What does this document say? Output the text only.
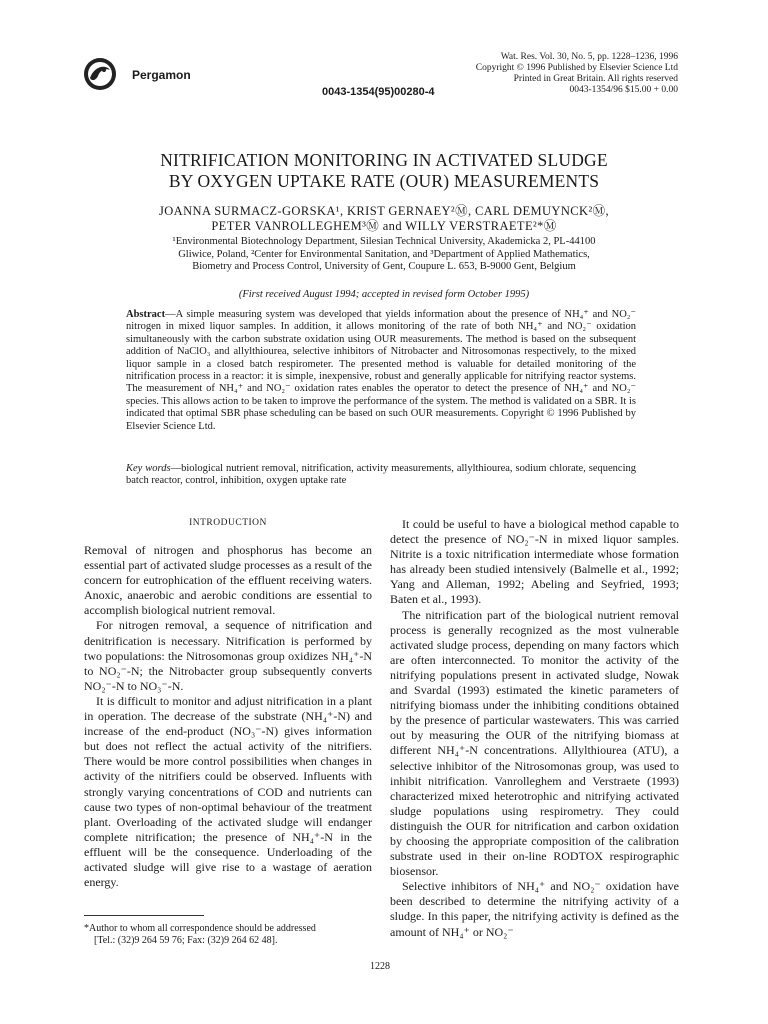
Pergamon
0043-1354(95)00280-4
Wat. Res. Vol. 30, No. 5, pp. 1228–1236, 1996
Copyright © 1996 Published by Elsevier Science Ltd
Printed in Great Britain. All rights reserved
0043-1354/96 $15.00 + 0.00
NITRIFICATION MONITORING IN ACTIVATED SLUDGE
BY OXYGEN UPTAKE RATE (OUR) MEASUREMENTS
JOANNA SURMACZ-GORSKA¹, KRIST GERNAEY²Ⓜ, CARL DEMUYNCK²Ⓜ,
PETER VANROLLEGHEM³Ⓜ and WILLY VERSTRAETE²*Ⓜ
¹Environmental Biotechnology Department, Silesian Technical University, Akademicka 2, PL-44100
Gliwice, Poland, ²Center for Environmental Sanitation, and ³Department of Applied Mathematics,
Biometry and Process Control, University of Gent, Coupure L. 653, B-9000 Gent, Belgium
(First received August 1994; accepted in revised form October 1995)
Abstract—A simple measuring system was developed that yields information about the presence of NH₄⁺ and NO₂⁻ nitrogen in mixed liquor samples. In addition, it allows monitoring of the rate of both NH₄⁺ and NO₂⁻ oxidation simultaneously with the carbon substrate oxidation using OUR measurements. The method is based on the subsequent addition of NaClO₃ and allylthiourea, selective inhibitors of Nitrobacter and Nitrosomonas respectively, to the mixed liquor sample in a closed batch respirometer. The presented method is valuable for detailed monitoring of the nitrification process in a reactor: it is simple, inexpensive, robust and generally applicable for nitrifying reactor systems. The measurement of NH₄⁺ and NO₂⁻ oxidation rates enables the operator to detect the presence of NH₄⁺ and NO₂⁻ species. This allows action to be taken to improve the performance of the system. The method is validated on a SBR. It is indicated that optimal SBR phase scheduling can be based on such OUR measurements. Copyright © 1996 Published by Elsevier Science Ltd.
Key words—biological nutrient removal, nitrification, activity measurements, allylthiourea, sodium chlorate, sequencing batch reactor, control, inhibition, oxygen uptake rate
INTRODUCTION

Removal of nitrogen and phosphorus has become an essential part of activated sludge processes as a result of the concern for eutrophication of the effluent receiving waters. Anoxic, anaerobic and aerobic conditions are essential to accomplish biological nutrient removal.

For nitrogen removal, a sequence of nitrification and denitrification is necessary. Nitrification is performed by two populations: the Nitrosomonas group oxidizes NH₄⁺-N to NO₂⁻-N; the Nitrobacter group subsequently converts NO₂⁻-N to NO₃⁻-N.

It is difficult to monitor and adjust nitrification in a plant in operation. The decrease of the substrate (NH₄⁺-N) and increase of the end-product (NO₃⁻-N) gives information but does not reflect the actual activity of the nitrifiers. There would be more control possibilities when changes in activity of the nitrifiers could be observed. Influents with strongly varying concentrations of COD and nutrients can cause two types of non-optimal behaviour of the treatment plant. Overloading of the activated sludge will endanger complete nitrification; the presence of NH₄⁺-N in the effluent will be the consequence. Underloading of the activated sludge will give rise to a wastage of aeration energy.

It could be useful to have a biological method capable to detect the presence of NO₂⁻-N in mixed liquor samples. Nitrite is a toxic nitrification intermediate whose formation has already been studied intensively (Balmelle et al., 1992; Yang and Alleman, 1992; Abeling and Seyfried, 1993; Baten et al., 1993).

The nitrification part of the biological nutrient removal process is generally recognized as the most vulnerable activated sludge process, depending on many factors which are often interconnected. To monitor the activity of the nitrifying populations present in activated sludge, Nowak and Svardal (1993) estimated the kinetic parameters of nitrifying biomass under the inhibiting conditions obtained by the presence of particular wastewaters. This was carried out by measuring the OUR of the nitrifying biomass at different NH₄⁺-N concentrations. Allylthiourea (ATU), a selective inhibitor of the Nitrosomonas group, was used to inhibit nitrification. Vanrolleghem and Verstraete (1993) characterized mixed heterotrophic and nitrifying activated sludge populations using respirometry. They could distinguish the OUR for nitrification and carbon oxidation by choosing the appropriate composition of the calibration substrate used in their on-line RODTOX respirographic biosensor.

Selective inhibitors of NH₄⁺ and NO₂⁻ oxidation have been described to determine the nitrifying activity of a sludge. In this paper, the nitrifying activity is defined as the amount of NH₄⁺ or NO₂⁻

*Author to whom all correspondence should be addressed
[Tel.: (32)9 264 59 76; Fax: (32)9 264 62 48].
1228
